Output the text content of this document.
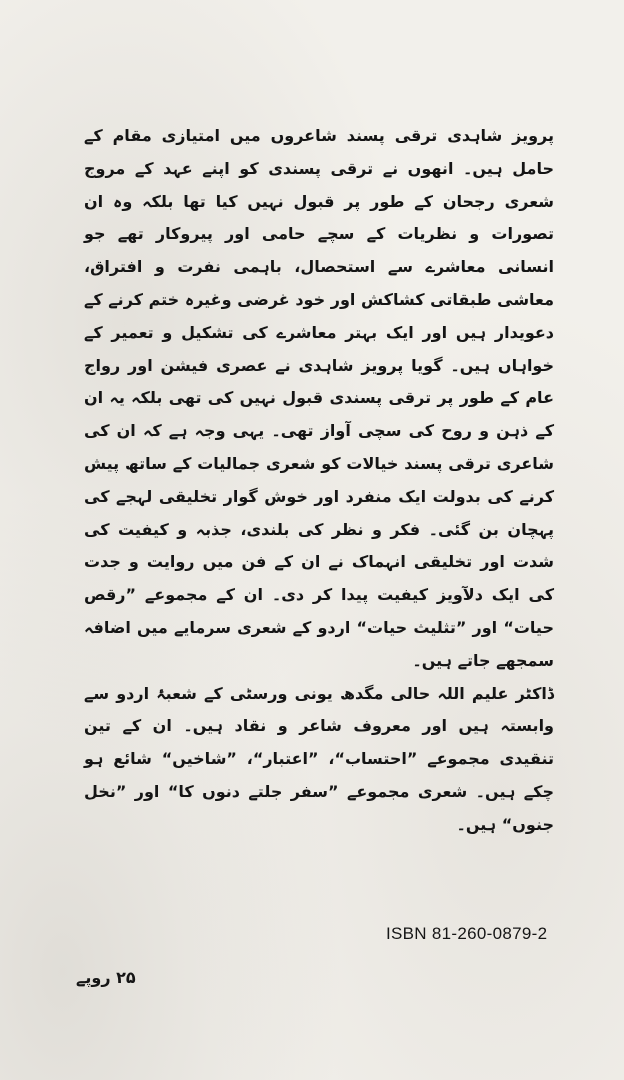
پرویز شاہدی ترقی پسند شاعروں میں امتیازی مقام کے حامل ہیں۔ انھوں نے ترقی پسندی کو اپنے عہد کے مروج شعری رجحان کے طور پر قبول نہیں کیا تھا بلکہ وہ ان تصورات و نظریات کے سچے حامی اور پیروکار تھے جو انسانی معاشرے سے استحصال، باہمی نفرت و افتراق، معاشی طبقاتی کشاکش اور خود غرضی وغیرہ ختم کرنے کے دعویدار ہیں اور ایک بہتر معاشرے کی تشکیل و تعمیر کے خواہاں ہیں۔ گویا پرویز شاہدی نے عصری فیشن اور رواج عام کے طور پر ترقی پسندی قبول نہیں کی تھی بلکہ یہ ان کے ذہن و روح کی سچی آواز تھی۔ یہی وجہ ہے کہ ان کی شاعری ترقی پسند خیالات کو شعری جمالیات کے ساتھ پیش کرنے کی بدولت ایک منفرد اور خوش گوار تخلیقی لہجے کی پہچان بن گئی۔ فکر و نظر کی بلندی، جذبہ و کیفیت کی شدت اور تخلیقی انہماک نے ان کے فن میں روایت و جدت کی ایک دلآویز کیفیت پیدا کر دی۔ ان کے مجموعے ”رقص حیات“ اور ”تثلیث حیات“ اردو کے شعری سرمایے میں اضافہ سمجھے جاتے ہیں۔

ڈاکٹر علیم اللہ حالی مگدھ یونی ورسٹی کے شعبۂ اردو سے وابستہ ہیں اور معروف شاعر و نقاد ہیں۔ ان کے تین تنقیدی مجموعے ”احتساب“، ”اعتبار“، ”شاخیں“ شائع ہو چکے ہیں۔ شعری مجموعے ”سفر جلتے دنوں کا“ اور ”نخل جنوں“ ہیں۔

ISBN 81-260-0879-2
۲۵ روپے
